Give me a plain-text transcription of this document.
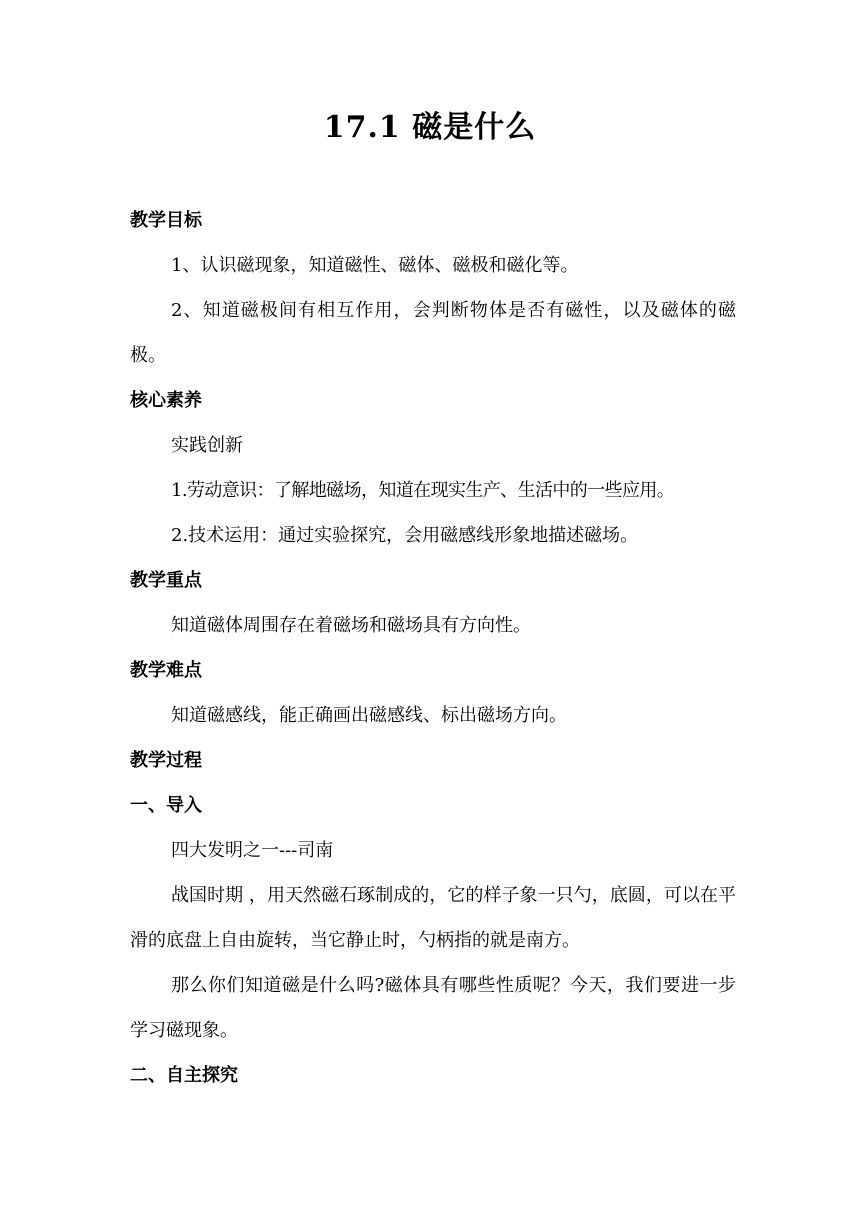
17.1 磁是什么
教学目标
1、认识磁现象，知道磁性、磁体、磁极和磁化等。
2、知道磁极间有相互作用，会判断物体是否有磁性，以及磁体的磁极。
核心素养
实践创新
1.劳动意识：了解地磁场，知道在现实生产、生活中的一些应用。
2.技术运用：通过实验探究，会用磁感线形象地描述磁场。
教学重点
知道磁体周围存在着磁场和磁场具有方向性。
教学难点
知道磁感线，能正确画出磁感线、标出磁场方向。
教学过程
一、导入
四大发明之一---司南
战国时期 ，用天然磁石琢制成的，它的样子象一只勺，底圆，可以在平滑的底盘上自由旋转，当它静止时，勺柄指的就是南方。
那么你们知道磁是什么吗?磁体具有哪些性质呢？今天，我们要进一步学习磁现象。
二、自主探究
